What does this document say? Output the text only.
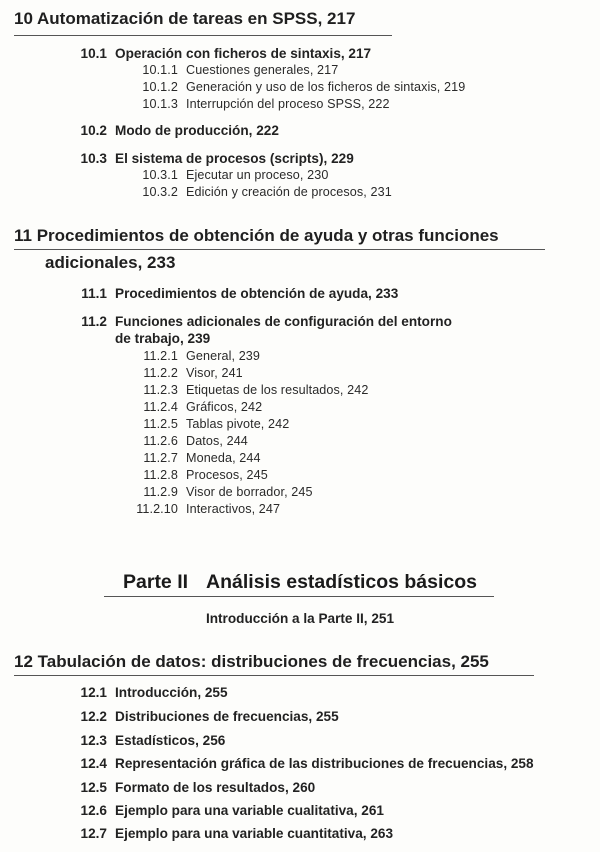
10 Automatización de tareas en SPSS, 217
10.1 Operación con ficheros de sintaxis, 217
10.1.1 Cuestiones generales, 217
10.1.2 Generación y uso de los ficheros de sintaxis, 219
10.1.3 Interrupción del proceso SPSS, 222
10.2 Modo de producción, 222
10.3 El sistema de procesos (scripts), 229
10.3.1 Ejecutar un proceso, 230
10.3.2 Edición y creación de procesos, 231
11 Procedimientos de obtención de ayuda y otras funciones
adicionales, 233
11.1 Procedimientos de obtención de ayuda, 233
11.2 Funciones adicionales de configuración del entorno
de trabajo, 239
11.2.1 General, 239
11.2.2 Visor, 241
11.2.3 Etiquetas de los resultados, 242
11.2.4 Gráficos, 242
11.2.5 Tablas pivote, 242
11.2.6 Datos, 244
11.2.7 Moneda, 244
11.2.8 Procesos, 245
11.2.9 Visor de borrador, 245
11.2.10 Interactivos, 247
Parte II Análisis estadísticos básicos
Introducción a la Parte II, 251
12 Tabulación de datos: distribuciones de frecuencias, 255
12.1 Introducción, 255
12.2 Distribuciones de frecuencias, 255
12.3 Estadísticos, 256
12.4 Representación gráfica de las distribuciones de frecuencias, 258
12.5 Formato de los resultados, 260
12.6 Ejemplo para una variable cualitativa, 261
12.7 Ejemplo para una variable cuantitativa, 263
